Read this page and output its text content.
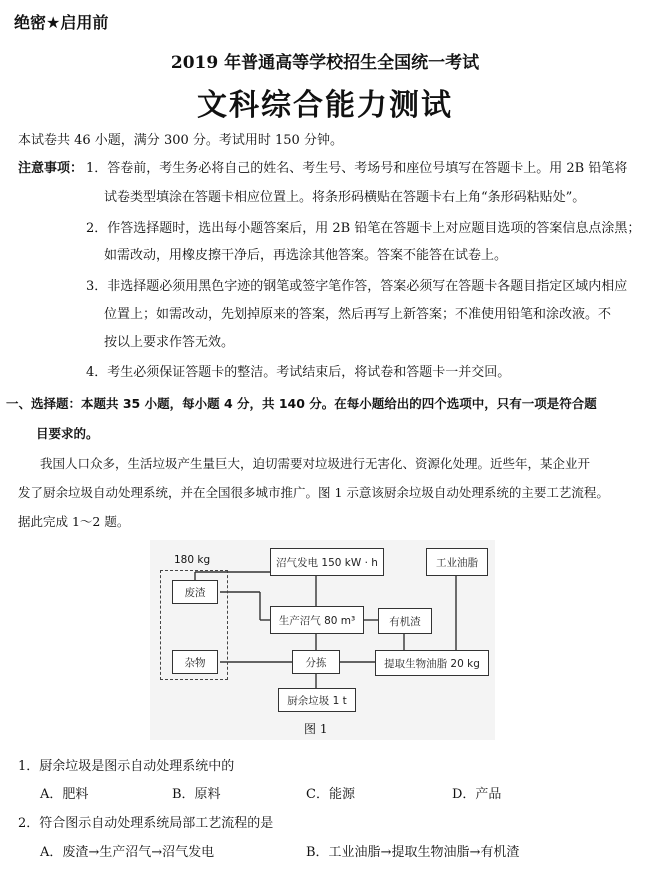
绝密★启用前
2019 年普通高等学校招生全国统一考试
文科综合能力测试
本试卷共 46 小题，满分 300 分。考试用时 150 分钟。
注意事项： 1．答卷前，考生务必将自己的姓名、考生号、考场号和座位号填写在答题卡上。用 2B 铅笔将
试卷类型填涂在答题卡相应位置上。将条形码横贴在答题卡右上角“条形码粘贴处”。
2．作答选择题时，选出每小题答案后，用 2B 铅笔在答题卡上对应题目选项的答案信息点涂黑；
如需改动，用橡皮擦干净后，再选涂其他答案。答案不能答在试卷上。
3．非选择题必须用黑色字迹的钢笔或签字笔作答，答案必须写在答题卡各题目指定区域内相应
位置上；如需改动，先划掉原来的答案，然后再写上新答案；不准使用铅笔和涂改液。不
按以上要求作答无效。
4．考生必须保证答题卡的整洁。考试结束后，将试卷和答题卡一并交回。
一、选择题：本题共 35 小题，每小题 4 分，共 140 分。在每小题给出的四个选项中，只有一项是符合题
目要求的。
我国人口众多，生活垃圾产生量巨大，迫切需要对垃圾进行无害化、资源化处理。近些年，某企业开
发了厨余垃圾自动处理系统，并在全国很多城市推广。图 1 示意该厨余垃圾自动处理系统的主要工艺流程。
据此完成 1～2 题。
180 kg
废渣
杂物
沼气发电 150 kW · h
生产沼气 80 m³
分拣
厨余垃圾 1 t
有机渣
工业油脂
提取生物油脂 20 kg
图 1
1．厨余垃圾是图示自动处理系统中的
A．肥料	B．原料	C．能源	D．产品
2．符合图示自动处理系统局部工艺流程的是
A．废渣→生产沼气→沼气发电	B．工业油脂→提取生物油脂→有机渣
